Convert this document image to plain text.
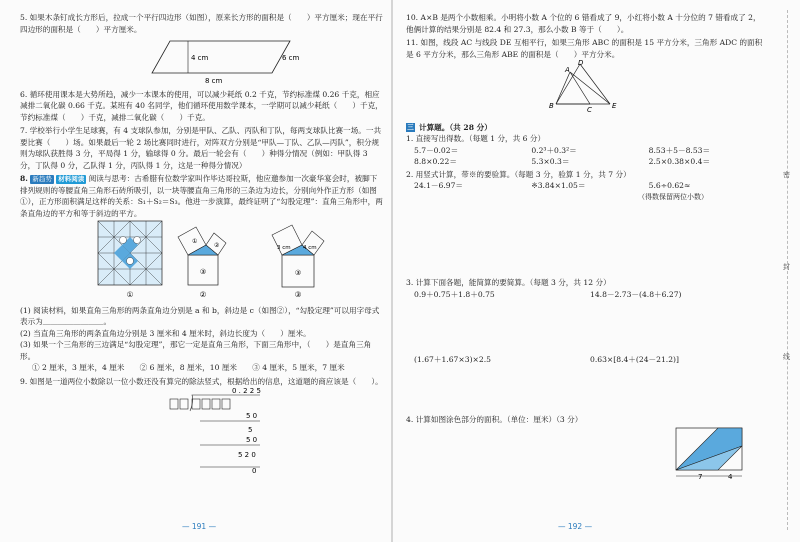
5. 如果木条钉成长方形后，拉成一个平行四边形（如图），原来长方形的面积是（　　）平方厘米；现在平行四边形的面积是（　　）平方厘米。
4 cm	6 cm
8 cm
6. 循环使用课本是大势所趋，减少一本课本的使用，可以减少耗纸 0.2 千克，节约标准煤 0.26 千克，相应减排二氧化碳 0.66 千克。某班有 40 名同学，他们循环使用数学课本，一学期可以减少耗纸（　　）千克，节约标准煤（　　）千克，减排二氧化碳（　　）千克。
7. 学校举行小学生足球赛，有 4 支球队参加，分别是甲队、乙队、丙队和丁队，每两支球队比赛一场。一共要比赛（　　）场。如果最后一轮 2 场比赛同时进行，对阵双方分别是“甲队—丁队、乙队—丙队”，积分规则为球队获胜得 3 分，平局得 1 分，输球得 0 分。最后一轮会有（　　）种得分情况（例如：甲队得 3 分，丁队得 0 分，乙队得 1 分，丙队得 1 分，这是一种得分情况）
8. 新趋势 材料阅读 阅读与思考：古希腊有位数学家叫作毕达哥拉斯，他应邀参加一次豪华宴会时，被脚下排列规则的等腰直角三角形石砖所吸引，以一块等腰直角三角形的三条边为边长，分别向外作正方形（如图①），正方形面积满足这样的关系：S₁＋S₂＝S₃。他进一步演算，最终证明了“勾股定理”：直角三角形中，两条直角边的平方和等于斜边的平方。
①
③
①
②
②
③
3 cm 4 cm
③
(1) 阅读材料，如果直角三角形的两条直角边分别是 a 和 b，斜边是 c（如图②），“勾股定理”可以用字母式表示为＿＿＿＿＿＿＿＿。
(2) 当直角三角形的两条直角边分别是 3 厘米和 4 厘米时，斜边长度为（　　）厘米。
(3) 如果一个三角形的三边满足“勾股定理”，那它一定是直角三角形，下面三角形中，（　　）是直角三角形。
① 2 厘米，3 厘米，4 厘米　　② 6 厘米，8 厘米，10 厘米　　③ 4 厘米，5 厘米，7 厘米
9. 如图是一道两位小数除以一位小数还没有算完的除法竖式，根据给出的信息，这道题的商应该是（　　）。
0 . 2 2 5
5 0
5
5 0
5 2 0
0
— 191 —
10. A×B 是两个小数相乘。小明将小数 A 个位的 6 错看成了 9，小红将小数 A 十分位的 7 错看成了 2，他俩计算的结果分别是 82.4 和 27.3，那么小数 B 等于（　　）。
11. 如图，线段 AC 与线段 DE 互相平行，如果三角形 ABC 的面积是 15 平方分米，三角形 ADC 的面积是 6 平方分米，那么三角形 ABE 的面积是（　　）平方分米。
A
B	C
D
E
三 计算题。（共 28 分）
1. 直接写出得数。（每题 1 分，共 6 分）
5.7－0.02＝	0.2³＋0.3²＝	8.53＋5－8.53＝
8.8×0.22＝	5.3×0.3＝	2.5×0.38×0.4＝
2. 用竖式计算，带※的要验算。（每题 3 分，验算 1 分，共 7 分）
24.1－6.97＝	※3.84×1.05＝	5.6÷0.62≈
（得数保留两位小数）
3. 计算下面各题，能简算的要简算。（每题 3 分，共 12 分）
0.9＋0.75＋1.8＋0.75	14.8－2.73－(4.8＋6.27)
(1.67＋1.67×3)×2.5	0.63×[8.4＋(24－21.2)]
4. 计算如图涂色部分的面积。（单位：厘米）（3 分）
7	4
— 192 —
密
封
线
